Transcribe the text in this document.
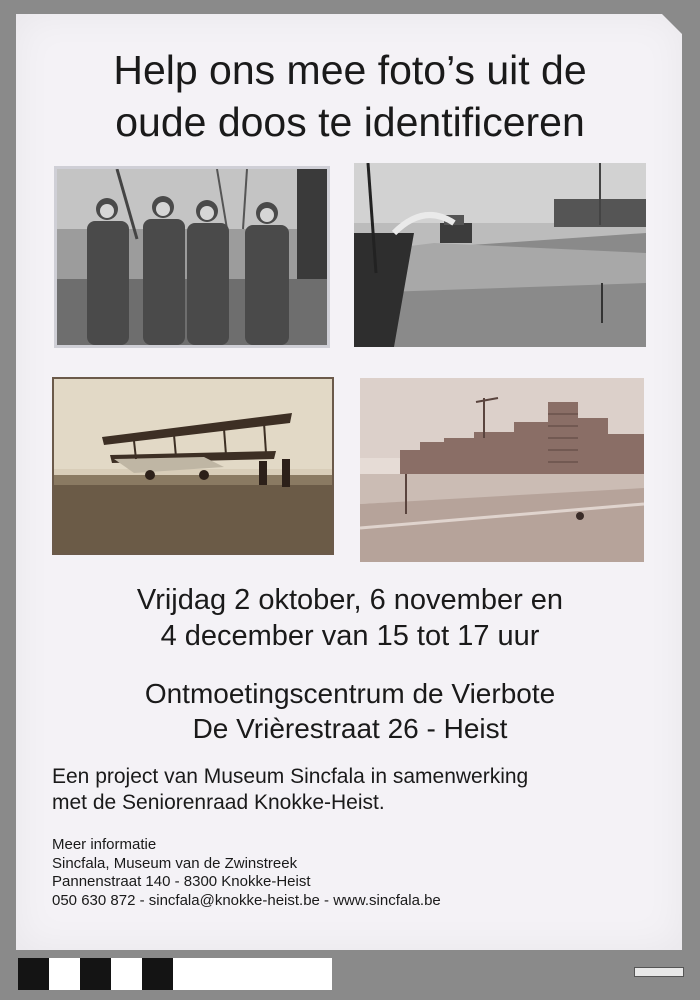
Help ons mee foto’s uit de
oude doos te identificeren
Vrijdag 2 oktober, 6 november en
4 december van 15 tot 17 uur
Ontmoetingscentrum de Vierbote
De Vrièrestraat 26 - Heist
Een project van Museum Sincfala in samenwerking
met de Seniorenraad Knokke-Heist.
Meer informatie
Sincfala, Museum van de Zwinstreek
Pannenstraat 140 - 8300 Knokke-Heist
050 630 872 - sincfala@knokke-heist.be - www.sincfala.be
